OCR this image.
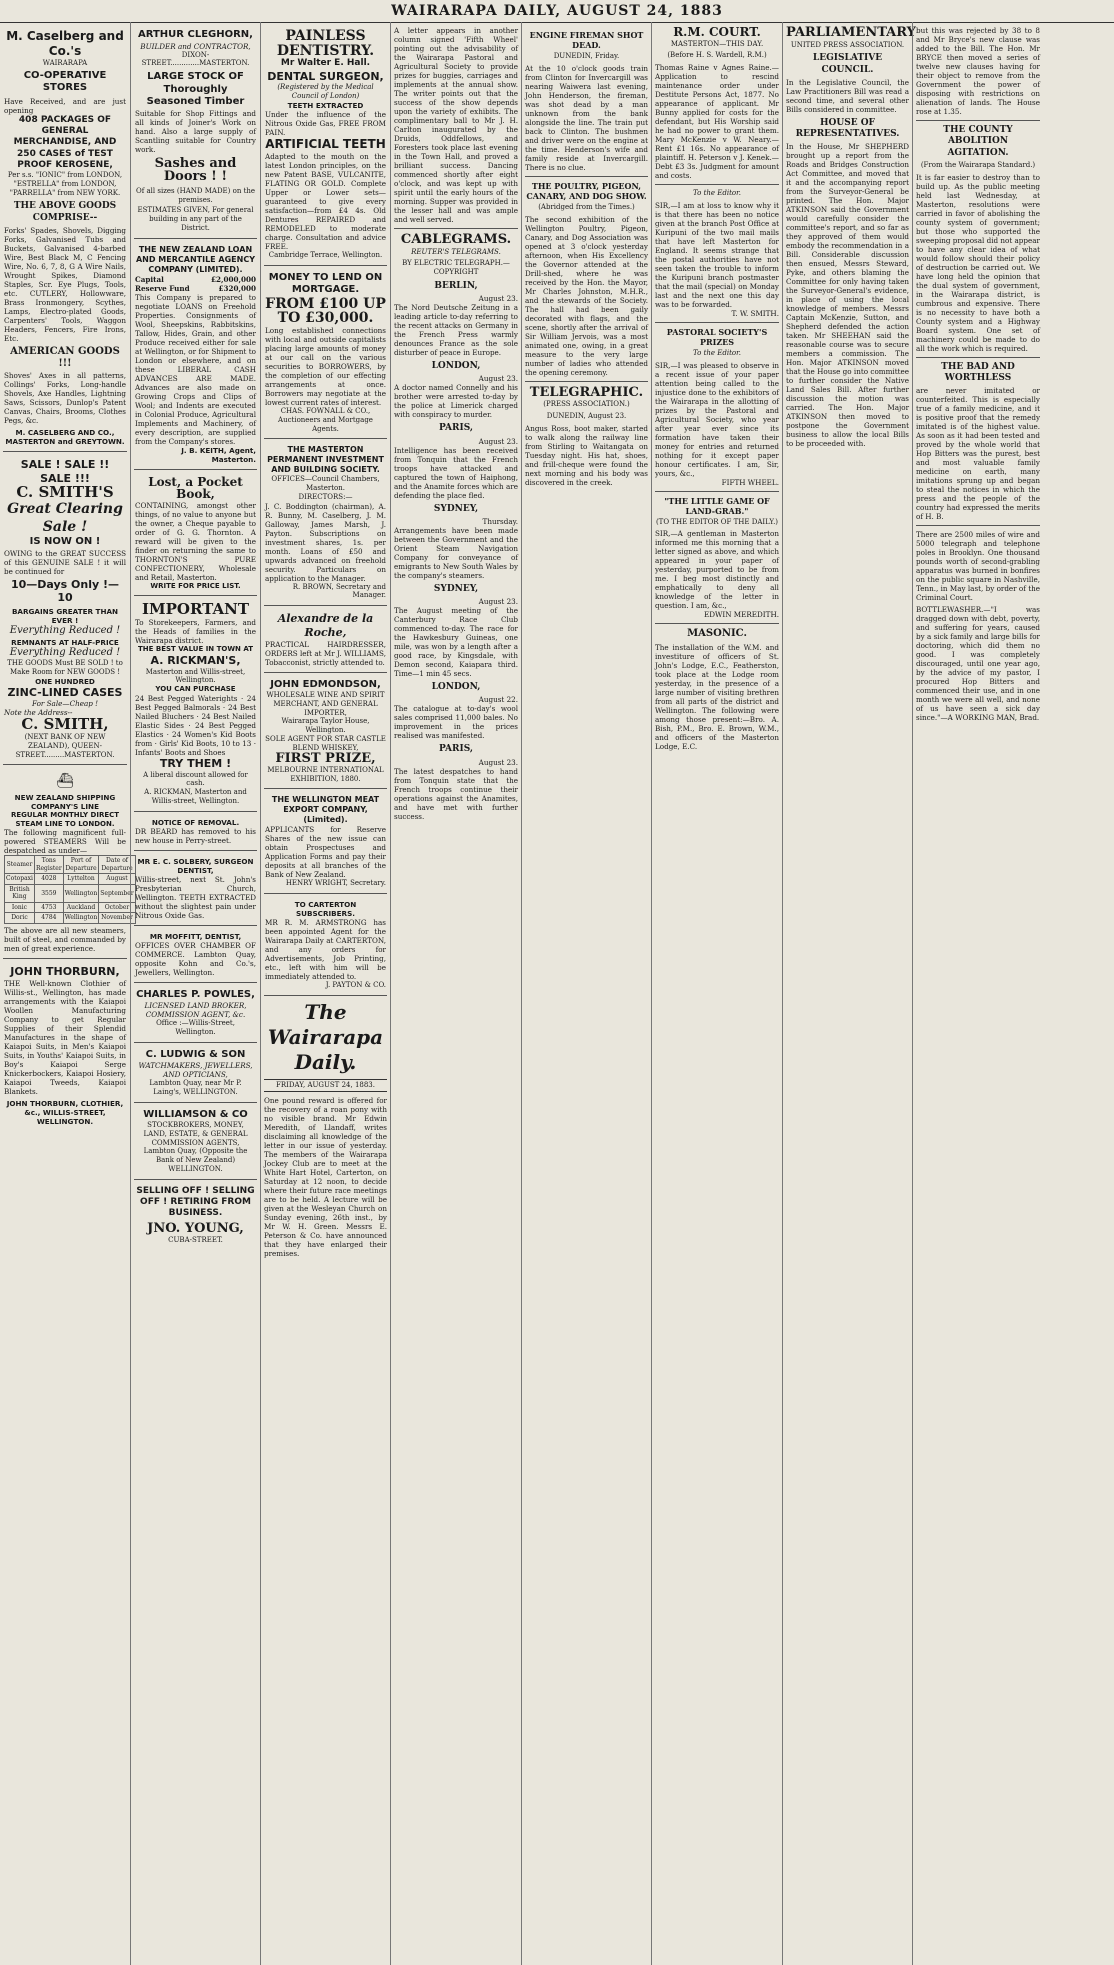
WAIRARAPA DAILY, AUGUST 24, 1883
M. Caselberg and Co.'s
WAIRARAPA
CO-OPERATIVE STORES
Have Received, and are just opening
408 PACKAGES OF GENERAL MERCHANDISE, AND
250 CASES of TEST PROOF KEROSENE,
Per s.s. "IONIC" from LONDON, "ESTRELLA" from LONDON, "PARRELLA" from NEW YORK.
THE ABOVE GOODS COMPRISE--
Forks' Spades, Shovels, Digging Forks, Galvanised Tubs and Buckets, Galvanised 4-barbed Wire, Best Black M, C Fencing Wire, No. 6, 7, 8, G A Wire Nails, Wrought Spikes, Diamond Staples, Scr. Eye Plugs, Tools, etc. CUTLERY, Hollowware, Brass Ironmongery, Scythes, Lamps, Electro-plated Goods, Carpenters' Tools, Waggon Headers, Fencers, Fire Irons, Etc.
AMERICAN GOODS !!!
Shoves' Axes in all patterns, Collings' Forks, Long-handle Shovels, Axe Handles, Lightning Saws, Scissors, Dunlop's Patent Canvas, Chairs, Brooms, Clothes Pegs, &c.
M. CASELBERG AND CO., MASTERTON and GREYTOWN.
SALE ! SALE !! SALE !!!
C. SMITH'S
Great Clearing Sale !
IS NOW ON !
OWING to the GREAT SUCCESS of this GENUINE SALE ! it will be continued for
10—Days Only !—10
BARGAINS GREATER THAN EVER !
Everything Reduced !
REMNANTS AT HALF-PRICE
Everything Reduced !
THE GOODS Must BE SOLD ! to Make Room for NEW GOODS !
ONE HUNDRED
ZINC-LINED CASES
For Sale—Cheap !
Note the Address--
C. SMITH,
(NEXT BANK OF NEW ZEALAND), QUEEN-STREET.........MASTERTON.
⛴
NEW ZEALAND SHIPPING COMPANY'S LINE
REGULAR MONTHLY DIRECT STEAM LINE TO LONDON.
The following magnificent full-powered STEAMERS Will be despatched as under—
Steamer	Tons Register	Port of Departure	Date of Departure
Cotopaxi	4028	Lyttelton	August
British King	3559	Wellington	September
Ionic	4753	Auckland	October
Doric	4784	Wellington	November
The above are all new steamers, built of steel, and commanded by men of great experience.
JOHN THORBURN,
THE Well-known Clothier of Willis-st., Wellington, has made arrangements with the Kaiapoi Woollen Manufacturing Company to get Regular Supplies of their Splendid Manufactures in the shape of Kaiapoi Suits, in Men's Kaiapoi Suits, in Youths' Kaiapoi Suits, in Boy's Kaiapoi Serge Knickerbockers, Kaiapoi Hosiery, Kaiapoi Tweeds, Kaiapoi Blankets.
JOHN THORBURN, CLOTHIER, &c., WILLIS-STREET, WELLINGTON.
ARTHUR CLEGHORN,
BUILDER and CONTRACTOR,
DIXON-STREET.............MASTERTON.
LARGE STOCK OF Thoroughly Seasoned Timber
Suitable for Shop Fittings and all kinds of Joiner's Work on hand. Also a large supply of Scantling suitable for Country work.
Sashes and Doors ! !
Of all sizes (HAND MADE) on the premises.
ESTIMATES GIVEN, For general building in any part of the District.
THE NEW ZEALAND LOAN AND MERCANTILE AGENCY COMPANY (LIMITED).
Capital	£2,000,000
Reserve Fund	£320,000
This Company is prepared to negotiate LOANS on Freehold Properties. Consignments of Wool, Sheepskins, Rabbitskins, Tallow, Hides, Grain, and other Produce received either for sale at Wellington, or for Shipment to London or elsewhere, and on these LIBERAL CASH ADVANCES ARE MADE. Advances are also made on Growing Crops and Clips of Wool; and Indents are executed in Colonial Produce, Agricultural Implements and Machinery, of every description, are supplied from the Company's stores.
J. B. KEITH, Agent, Masterton.
Lost, a Pocket Book,
CONTAINING, amongst other things, of no value to anyone but the owner, a Cheque payable to order of G. G. Thornton. A reward will be given to the finder on returning the same to THORNTON'S PURE CONFECTIONERY, Wholesale and Retail, Masterton.
WRITE FOR PRICE LIST.
IMPORTANT
To Storekeepers, Farmers, and the Heads of families in the Wairarapa district.
THE BEST VALUE IN TOWN AT
A. RICKMAN'S,
Masterton and Willis-street, Wellington.
YOU CAN PURCHASE
24 Best Pegged Waterights · 24 Best Pegged Balmorals · 24 Best Nailed Bluchers · 24 Best Nailed Elastic Sides · 24 Best Pegged Elastics · 24 Women's Kid Boots from · Girls' Kid Boots, 10 to 13 · Infants' Boots and Shoes
TRY THEM !
A liberal discount allowed for cash.
A. RICKMAN, Masterton and Willis-street, Wellington.
NOTICE OF REMOVAL.
DR BEARD has removed to his new house in Perry-street.
MR E. C. SOLBERY, SURGEON DENTIST,
Willis-street, next St. John's Presbyterian Church, Wellington. TEETH EXTRACTED without the slightest pain under Nitrous Oxide Gas.
MR MOFFITT, DENTIST,
OFFICES OVER CHAMBER OF COMMERCE. Lambton Quay, opposite Kohn and Co.'s, Jewellers, Wellington.
CHARLES P. POWLES,
LICENSED LAND BROKER, COMMISSION AGENT, &c.
Office :—Willis-Street, Wellington.
C. LUDWIG & SON
WATCHMAKERS, JEWELLERS, AND OPTICIANS,
Lambton Quay, near Mr P. Laing's, WELLINGTON.
WILLIAMSON & CO
STOCKBROKERS, MONEY, LAND, ESTATE, & GENERAL COMMISSION AGENTS,
Lambton Quay, (Opposite the Bank of New Zealand) WELLINGTON.
SELLING OFF ! SELLING OFF ! RETIRING FROM BUSINESS.
JNO. YOUNG,
CUBA-STREET.
PAINLESS DENTISTRY.
Mr Walter E. Hall.
DENTAL SURGEON,
(Registered by the Medical Council of London)
TEETH EXTRACTED
Under the influence of the Nitrous Oxide Gas, FREE FROM PAIN.
ARTIFICIAL TEETH
Adapted to the mouth on the latest London principles, on the new Patent BASE, VULCANITE, FLATING OR GOLD. Complete Upper or Lower sets—guaranteed to give every satisfaction—from £4 4s. Old Dentures REPAIRED and REMODELED to moderate charge. Consultation and advice FREE.
Cambridge Terrace, Wellington.
MONEY TO LEND ON MORTGAGE.
FROM £100 UP TO £30,000.
Long established connections with local and outside capitalists placing large amounts of money at our call on the various securities to BORROWERS, by the completion of our effecting arrangements at once. Borrowers may negotiate at the lowest current rates of interest.
CHAS. FOWNALL & CO., Auctioneers and Mortgage Agents.
THE MASTERTON PERMANENT INVESTMENT AND BUILDING SOCIETY.
OFFICES—Council Chambers, Masterton.
DIRECTORS:—
J. C. Boddington (chairman), A. R. Bunny, M. Caselberg, J. M. Galloway, James Marsh, J. Payton. Subscriptions on investment shares, 1s. per month. Loans of £50 and upwards advanced on freehold security. Particulars on application to the Manager.
R. BROWN, Secretary and Manager.
Alexandre de la Roche,
PRACTICAL HAIRDRESSER, ORDERS left at Mr J. WILLIAMS, Tobacconist, strictly attended to.
JOHN EDMONDSON,
WHOLESALE WINE AND SPIRIT MERCHANT, AND GENERAL IMPORTER,
Wairarapa Taylor House, Wellington.
SOLE AGENT FOR STAR CASTLE BLEND WHISKEY,
FIRST PRIZE,
MELBOURNE INTERNATIONAL EXHIBITION, 1880.
THE WELLINGTON MEAT EXPORT COMPANY, (Limited).
APPLICANTS for Reserve Shares of the new issue can obtain Prospectuses and Application Forms and pay their deposits at all branches of the Bank of New Zealand.
HENRY WRIGHT, Secretary.
TO CARTERTON SUBSCRIBERS.
MR R. M. ARMSTRONG has been appointed Agent for the Wairarapa Daily at CARTERTON, and any orders for Advertisements, Job Printing, etc., left with him will be immediately attended to.
J. PAYTON & CO.
The Wairarapa Daily.
FRIDAY, AUGUST 24, 1883.
One pound reward is offered for the recovery of a roan pony with no visible brand. Mr Edwin Meredith, of Llandaff, writes disclaiming all knowledge of the letter in our issue of yesterday. The members of the Wairarapa Jockey Club are to meet at the White Hart Hotel, Carterton, on Saturday at 12 noon, to decide where their future race meetings are to be held. A lecture will be given at the Wesleyan Church on Sunday evening, 26th inst., by Mr W. H. Green. Messrs E. Peterson & Co. have announced that they have enlarged their premises.
A letter appears in another column signed 'Fifth Wheel' pointing out the advisability of the Wairarapa Pastoral and Agricultural Society to provide prizes for buggies, carriages and implements at the annual show. The writer points out that the success of the show depends upon the variety of exhibits. The complimentary ball to Mr J. H. Carlton inaugurated by the Druids, Oddfellows, and Foresters took place last evening in the Town Hall, and proved a brilliant success. Dancing commenced shortly after eight o'clock, and was kept up with spirit until the early hours of the morning. Supper was provided in the lesser hall and was ample and well served.
CABLEGRAMS.
REUTER'S TELEGRAMS.
BY ELECTRIC TELEGRAPH.—COPYRIGHT
BERLIN,
August 23.
The Nord Deutsche Zeitung in a leading article to-day referring to the recent attacks on Germany in the French Press warmly denounces France as the sole disturber of peace in Europe.
LONDON,
August 23.
A doctor named Connelly and his brother were arrested to-day by the police at Limerick charged with conspiracy to murder.
PARIS,
August 23.
Intelligence has been received from Tonquin that the French troops have attacked and captured the town of Haiphong, and the Anamite forces which are defending the place fled.
SYDNEY,
Thursday.
Arrangements have been made between the Government and the Orient Steam Navigation Company for conveyance of emigrants to New South Wales by the company's steamers.
SYDNEY,
August 23.
The August meeting of the Canterbury Race Club commenced to-day. The race for the Hawkesbury Guineas, one mile, was won by a length after a good race, by Kingsdale, with Demon second, Kaiapara third. Time—1 min 45 secs.
LONDON,
August 22.
The catalogue at to-day's wool sales comprised 11,000 bales. No improvement in the prices realised was manifested.
PARIS,
August 23.
The latest despatches to hand from Tonquin state that the French troops continue their operations against the Anamites, and have met with further success.
ENGINE FIREMAN SHOT DEAD.
DUNEDIN, Friday.
At the 10 o'clock goods train from Clinton for Invercargill was nearing Waiwera last evening, John Henderson, the fireman, was shot dead by a man unknown from the bank alongside the line. The train put back to Clinton. The bushmen and driver were on the engine at the time. Henderson's wife and family reside at Invercargill. There is no clue.
THE POULTRY, PIGEON, CANARY, AND DOG SHOW.
(Abridged from the Times.)
The second exhibition of the Wellington Poultry, Pigeon, Canary, and Dog Association was opened at 3 o'clock yesterday afternoon, when His Excellency the Governor attended at the Drill-shed, where he was received by the Hon. the Mayor, Mr Charles Johnston, M.H.R., and the stewards of the Society. The hall had been gaily decorated with flags, and the scene, shortly after the arrival of Sir William Jervois, was a most animated one, owing, in a great measure to the very large number of ladies who attended the opening ceremony.
TELEGRAPHIC.
(PRESS ASSOCIATION.)
DUNEDIN, August 23.
Angus Ross, boot maker, started to walk along the railway line from Stirling to Waitangata on Tuesday night. His hat, shoes, and frill-cheque were found the next morning and his body was discovered in the creek.
R.M. COURT.
MASTERTON—THIS DAY.
(Before H. S. Wardell, R.M.)
Thomas Raine v Agnes Raine.—Application to rescind maintenance order under Destitute Persons Act, 1877. No appearance of applicant. Mr Bunny applied for costs for the defendant, but His Worship said he had no power to grant them. Mary McKenzie v W. Neary.—Rent £1 16s. No appearance of plaintiff. H. Peterson v J. Kenek.—Debt £3 3s. Judgment for amount and costs.
To the Editor.
SIR,—I am at loss to know why it is that there has been no notice given at the branch Post Office at Kuripuni of the two mail mails that have left Masterton for England. It seems strange that the postal authorities have not seen taken the trouble to inform the Kuripuni branch postmaster that the mail (special) on Monday last and the next one this day was to be forwarded.
T. W. SMITH.
PASTORAL SOCIETY'S PRIZES
To the Editor.
SIR,—I was pleased to observe in a recent issue of your paper attention being called to the injustice done to the exhibitors of the Wairarapa in the allotting of prizes by the Pastoral and Agricultural Society, who year after year ever since its formation have taken their money for entries and returned nothing for it except paper honour certificates. I am, Sir, yours, &c.,
FIFTH WHEEL.
"THE LITTLE GAME OF LAND-GRAB."
(TO THE EDITOR OF THE DAILY.)
SIR,—A gentleman in Masterton informed me this morning that a letter signed as above, and which appeared in your paper of yesterday, purported to be from me. I beg most distinctly and emphatically to deny all knowledge of the letter in question. I am, &c.,
EDWIN MEREDITH.
MASONIC.
The installation of the W.M. and investiture of officers of St. John's Lodge, E.C., Featherston, took place at the Lodge room yesterday, in the presence of a large number of visiting brethren from all parts of the district and Wellington. The following were among those present:—Bro. A. Bish, P.M., Bro. E. Brown, W.M., and officers of the Masterton Lodge, E.C.
PARLIAMENTARY
UNITED PRESS ASSOCIATION.
LEGISLATIVE COUNCIL.
In the Legislative Council, the Law Practitioners Bill was read a second time, and several other Bills considered in committee.
HOUSE OF REPRESENTATIVES.
In the House, Mr SHEPHERD brought up a report from the Roads and Bridges Construction Act Committee, and moved that it and the accompanying report from the Surveyor-General be printed. The Hon. Major ATKINSON said the Government would carefully consider the committee's report, and so far as they approved of them would embody the recommendation in a Bill. Considerable discussion then ensued, Messrs Steward, Pyke, and others blaming the Committee for only having taken the Surveyor-General's evidence, in place of using the local knowledge of members. Messrs Captain McKenzie, Sutton, and Shepherd defended the action taken. Mr SHEEHAN said the reasonable course was to secure members a commission. The Hon. Major ATKINSON moved that the House go into committee to further consider the Native Land Sales Bill. After further discussion the motion was carried. The Hon. Major ATKINSON then moved to postpone the Government business to allow the local Bills to be proceeded with.
but this was rejected by 38 to 8 and Mr Bryce's new clause was added to the Bill. The Hon. Mr BRYCE then moved a series of twelve new clauses having for their object to remove from the Government the power of disposing with restrictions on alienation of lands. The House rose at 1.35.
THE COUNTY ABOLITION AGITATION.
(From the Wairarapa Standard.)
It is far easier to destroy than to build up. As the public meeting held last Wednesday, at Masterton, resolutions were carried in favor of abolishing the county system of government; but those who supported the sweeping proposal did not appear to have any clear idea of what would follow should their policy of destruction be carried out. We have long held the opinion that the dual system of government, in the Wairarapa district, is cumbrous and expensive. There is no necessity to have both a County system and a Highway Board system. One set of machinery could be made to do all the work which is required.
THE BAD AND WORTHLESS
are never imitated or counterfeited. This is especially true of a family medicine, and it is positive proof that the remedy imitated is of the highest value. As soon as it had been tested and proved by the whole world that Hop Bitters was the purest, best and most valuable family medicine on earth, many imitations sprung up and began to steal the notices in which the press and the people of the country had expressed the merits of H. B.
There are 2500 miles of wire and 5000 telegraph and telephone poles in Brooklyn. One thousand pounds worth of second-grabling apparatus was burned in bonfires on the public square in Nashville, Tenn., in May last, by order of the Criminal Court.
BOTTLEWASHER.—"I was dragged down with debt, poverty, and suffering for years, caused by a sick family and large bills for doctoring, which did them no good. I was completely discouraged, until one year ago, by the advice of my pastor, I procured Hop Bitters and commenced their use, and in one month we were all well, and none of us have seen a sick day since."—A WORKING MAN, Brad.
